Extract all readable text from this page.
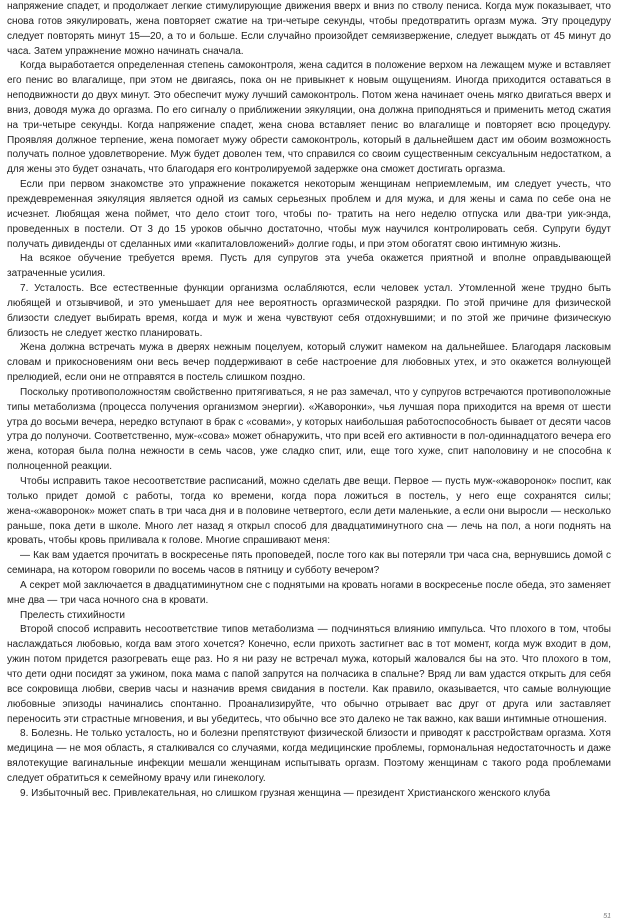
напряжение спадет, и продолжает легкие стимулирующие движения вверх и вниз по стволу пениса. Когда муж показывает, что снова готов эякулировать, жена повторяет сжатие на три-четыре секунды, чтобы предотвратить оргазм мужа. Эту процедуру следует повторять минут 15—20, а то и больше. Если случайно произойдет семяизвержение, следует выждать от 45 минут до часа. Затем упражнение можно начинать сначала.

Когда выработается определенная степень самоконтроля, жена садится в положение верхом на лежащем муже и вставляет его пенис во влагалище, при этом не двигаясь, пока он не привыкнет к новым ощущениям. Иногда приходится оставаться в неподвижности до двух минут. Это обеспечит мужу лучший самоконтроль. Потом жена начинает очень мягко двигаться вверх и вниз, доводя мужа до оргазма. По его сигналу о приближении эякуляции, она должна приподняться и применить метод сжатия на три-четыре секунды. Когда напряжение спадет, жена снова вставляет пенис во влагалище и повторяет всю процедуру. Проявляя должное терпение, жена помогает мужу обрести самоконтроль, который в дальнейшем даст им обоим возможность получать полное удовлетворение. Муж будет доволен тем, что справился со своим существенным сексуальным недостатком, а для жены это будет означать, что благодаря его контролируемой задержке она сможет достигать оргазма.

Если при первом знакомстве это упражнение покажется некоторым женщинам неприемлемым, им следует учесть, что преждевременная эякуляция является одной из самых серьезных проблем и для мужа, и для жены и сама по себе она не исчезнет. Любящая жена поймет, что дело стоит того, чтобы по- тратить на него неделю отпуска или два-три уик-энда, проведенных в постели. От 3 до 15 уроков обычно достаточно, чтобы муж научился контролировать себя. Супруги будут получать дивиденды от сделанных ими «капиталовложений» долгие годы, и при этом обогатят свою интимную жизнь.

На всякое обучение требуется время. Пусть для супругов эта учеба окажется приятной и вполне оправдывающей затраченные усилия.

7. Усталость. Все естественные функции организма ослабляются, если человек устал. Утомленной жене трудно быть любящей и отзывчивой, и это уменьшает для нее вероятность оргазмической разрядки. По этой причине для физической близости следует выбирать время, когда и муж и жена чувствуют себя отдохнувшими; и по этой же причине физическую близость не следует жестко планировать.

Жена должна встречать мужа в дверях нежным поцелуем, который служит намеком на дальнейшее. Благодаря ласковым словам и прикосновениям они весь вечер поддерживают в себе настроение для любовных утех, и это окажется волнующей прелюдией, если они не отправятся в постель слишком поздно.

Поскольку противоположностям свойственно притягиваться, я не раз замечал, что у супругов встречаются противоположные типы метаболизма (процесса получения организмом энергии). «Жаворонки», чья лучшая пора приходится на время от шести утра до восьми вечера, нередко вступают в брак с «совами», у которых наибольшая работоспособность бывает от десяти часов утра до полуночи. Соответственно, муж-«сова» может обнаружить, что при всей его активности в пол-одиннадцатого вечера его жена, которая была полна нежности в семь часов, уже сладко спит, или, еще того хуже, спит наполовину и не способна к полноценной реакции.

Чтобы исправить такое несоответствие расписаний, можно сделать две вещи. Первое — пусть муж-«жаворонок» поспит, как только придет домой с работы, тогда ко времени, когда пора ложиться в постель, у него еще сохранятся силы; жена-«жаворонок» может спать в три часа дня и в половине четвертого, если дети маленькие, а если они выросли — несколько раньше, пока дети в школе. Много лет назад я открыл способ для двадцатиминутного сна — лечь на пол, а ноги поднять на кровать, чтобы кровь приливала к голове. Многие спрашивают меня:

— Как вам удается прочитать в воскресенье пять проповедей, после того как вы потеряли три часа сна, вернувшись домой с семинара, на котором говорили по восемь часов в пятницу и субботу вечером?

А секрет мой заключается в двадцатиминутном сне с поднятыми на кровать ногами в воскресенье после обеда, это заменяет мне два — три часа ночного сна в кровати.

Прелесть стихийности

Второй способ исправить несоответствие типов метаболизма — подчиняться влиянию импульса. Что плохого в том, чтобы наслаждаться любовью, когда вам этого хочется? Конечно, если прихоть застигнет вас в тот момент, когда муж входит в дом, ужин потом придется разогревать еще раз. Но я ни разу не встречал мужа, который жаловался бы на это. Что плохого в том, что дети одни посидят за ужином, пока мама с папой запрутся на полчасика в спальне? Вряд ли вам удастся открыть для себя все сокровища любви, сверив часы и назначив время свидания в постели. Как правило, оказывается, что самые волнующие любовные эпизоды начинались спонтанно. Проанализируйте, что обычно отрывает вас друг от друга или заставляет переносить эти страстные мгновения, и вы убедитесь, что обычно все это далеко не так важно, как ваши интимные отношения.

8. Болезнь. Не только усталость, но и болезни препятствуют физической близости и приводят к расстройствам оргазма. Хотя медицина — не моя область, я сталкивался со случаями, когда медицинские проблемы, гормональная недостаточность и даже вялотекущие вагинальные инфекции мешали женщинам испытывать оргазм. Поэтому женщинам с такого рода проблемами следует обратиться к семейному врачу или гинекологу.

9. Избыточный вес. Привлекательная, но слишком грузная женщина — президент Христианского женского клуба

51
